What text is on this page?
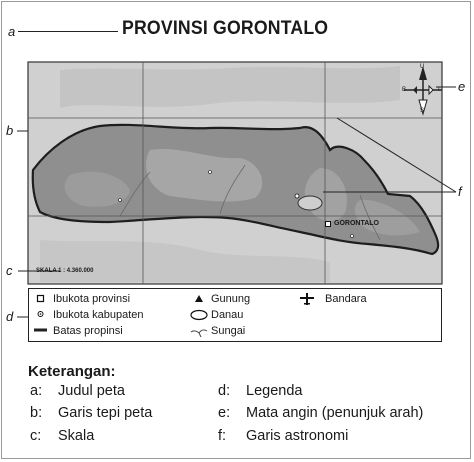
a	PROVINSI GORONTALO
GORONTALO
SKALA 1 : 4.360.000
U
S
B	T
b
c
d
e
f
Ibukota provinsi
Ibukota kabupaten
Batas propinsi
Gunung
Danau
Sungai
Bandara
Keterangan:
a: Judul peta
b: Garis tepi peta
c: Skala
d: Legenda
e: Mata angin (penunjuk arah)
f: Garis astronomi
